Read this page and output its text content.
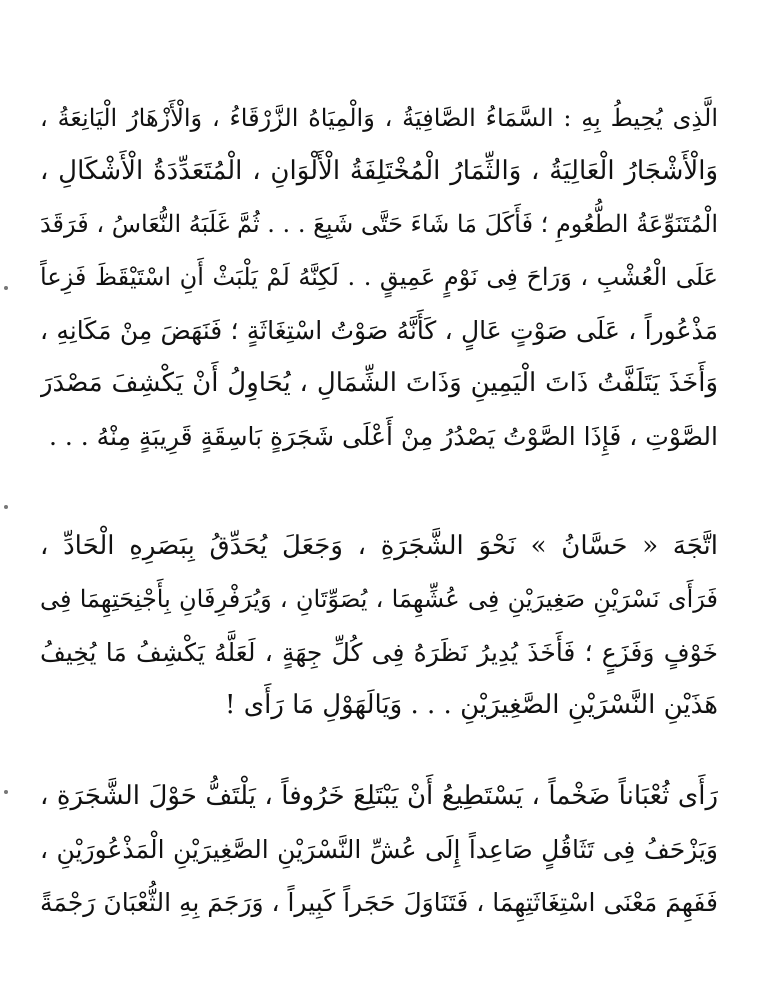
الَّذِى يُحِيطُ بِهِ : السَّمَاءُ الصَّافِيَةُ ، وَالْمِيَاهُ الزَّرْقَاءُ ، وَالْأَزْهَارُ الْيَانِعَةُ ،
وَالْأَشْجَارُ الْعَالِيَةُ ، وَالثِّمَارُ الْمُخْتَلِفَةُ الْأَلْوَانِ ، الْمُتَعَدِّدَةُ الْأَشْكَالِ ،
الْمُتَنَوِّعَةُ الطُّعُومِ ؛ فَأَكَلَ مَا شَاءَ حَتَّى شَبِعَ . . . ثُمَّ غَلَبَهُ النُّعَاسُ ، فَرَقَدَ
عَلَى الْعُشْبِ ، وَرَاحَ فِى نَوْمٍ عَمِيقٍ . . لَكِنَّهُ لَمْ يَلْبَثْ أَنِ اسْتَيْقَظَ فَزِعاً
مَذْعُوراً ، عَلَى صَوْتٍ عَالٍ ، كَأَنَّهُ صَوْتُ اسْتِغَاثَةٍ ؛ فَنَهَضَ مِنْ مَكَانِهِ ،
وَأَخَذَ يَتَلَفَّتُ ذَاتَ الْيَمِينِ وَذَاتَ الشِّمَالِ ، يُحَاوِلُ أَنْ يَكْشِفَ مَصْدَرَ
الصَّوْتِ ، فَإِذَا الصَّوْتُ يَصْدُرُ مِنْ أَعْلَى شَجَرَةٍ بَاسِقَةٍ قَرِيبَةٍ مِنْهُ . . .
اتَّجَهَ « حَسَّانُ » نَحْوَ الشَّجَرَةِ ، وَجَعَلَ يُحَدِّقُ بِبَصَرِهِ الْحَادِّ ،
فَرَأَى نَسْرَيْنِ صَغِيرَيْنِ فِى عُشِّهِمَا ، يُصَوِّتَانِ ، وَيُرَفْرِفَانِ بِأَجْنِحَتِهِمَا فِى
خَوْفٍ وَفَزَعٍ ؛ فَأَخَذَ يُدِيرُ نَظَرَهُ فِى كُلِّ جِهَةٍ ، لَعَلَّهُ يَكْشِفُ مَا يُخِيفُ
هَذَيْنِ النَّسْرَيْنِ الصَّغِيرَيْنِ . . . وَيَالَهَوْلِ مَا رَأَى !
رَأَى ثُعْبَاناً ضَخْماً ، يَسْتَطِيعُ أَنْ يَبْتَلِعَ خَرُوفاً ، يَلْتَفُّ حَوْلَ الشَّجَرَةِ ،
وَيَزْحَفُ فِى تَثَاقُلٍ صَاعِداً إِلَى عُشِّ النَّسْرَيْنِ الصَّغِيرَيْنِ الْمَذْعُورَيْنِ ،
فَفَهِمَ مَعْنَى اسْتِغَاثَتِهِمَا ، فَتَنَاوَلَ حَجَراً كَبِيراً ، وَرَجَمَ بِهِ الثُّعْبَانَ رَجْمَةً
